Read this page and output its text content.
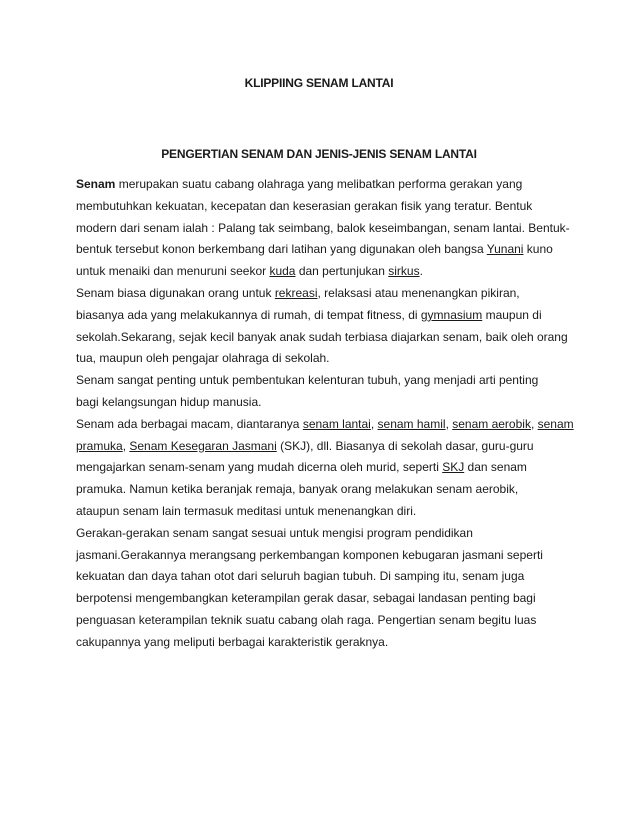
KLIPPIING SENAM LANTAI
PENGERTIAN SENAM DAN JENIS-JENIS SENAM LANTAI
Senam merupakan suatu cabang olahraga yang melibatkan performa gerakan yang
membutuhkan kekuatan, kecepatan dan keserasian gerakan fisik yang teratur. Bentuk
modern dari senam ialah : Palang tak seimbang, balok keseimbangan, senam lantai. Bentuk-
bentuk tersebut konon berkembang dari latihan yang digunakan oleh bangsa Yunani kuno
untuk menaiki dan menuruni seekor kuda dan pertunjukan sirkus.
Senam biasa digunakan orang untuk rekreasi, relaksasi atau menenangkan pikiran,
biasanya ada yang melakukannya di rumah, di tempat fitness, di gymnasium maupun di
sekolah.Sekarang, sejak kecil banyak anak sudah terbiasa diajarkan senam, baik oleh orang
tua, maupun oleh pengajar olahraga di sekolah.
Senam sangat penting untuk pembentukan kelenturan tubuh, yang menjadi arti penting
bagi kelangsungan hidup manusia.
Senam ada berbagai macam, diantaranya senam lantai, senam hamil, senam aerobik, senam
pramuka, Senam Kesegaran Jasmani (SKJ), dll. Biasanya di sekolah dasar, guru-guru
mengajarkan senam-senam yang mudah dicerna oleh murid, seperti SKJ dan senam
pramuka. Namun ketika beranjak remaja, banyak orang melakukan senam aerobik,
ataupun senam lain termasuk meditasi untuk menenangkan diri.
Gerakan-gerakan senam sangat sesuai untuk mengisi program pendidikan
jasmani.Gerakannya merangsang perkembangan komponen kebugaran jasmani seperti
kekuatan dan daya tahan otot dari seluruh bagian tubuh. Di samping itu, senam juga
berpotensi mengembangkan keterampilan gerak dasar, sebagai landasan penting bagi
penguasan keterampilan teknik suatu cabang olah raga. Pengertian senam begitu luas
cakupannya yang meliputi berbagai karakteristik geraknya.
